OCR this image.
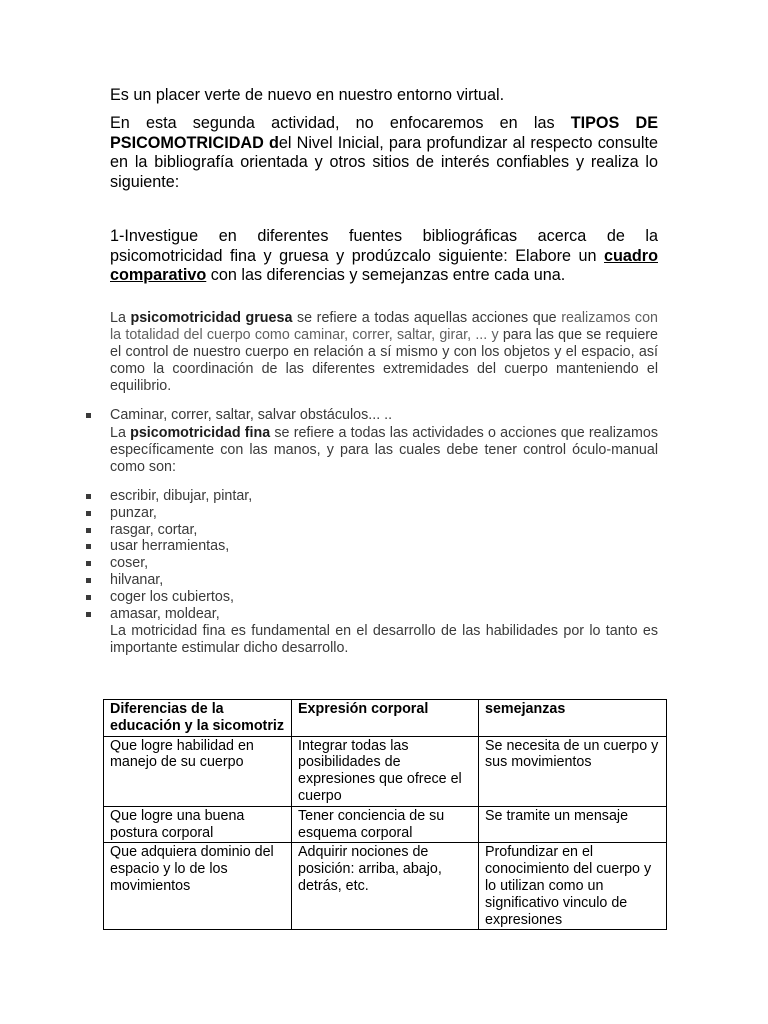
Es un placer verte de nuevo en nuestro entorno virtual.

En esta segunda actividad, no enfocaremos en las TIPOS DE PSICOMOTRICIDAD del Nivel Inicial, para profundizar al respecto consulte en la bibliografía orientada y otros sitios de interés confiables y realiza lo siguiente:

1-Investigue en diferentes fuentes bibliográficas acerca de la psicomotricidad fina y gruesa y prodúzcalo siguiente: Elabore un cuadro comparativo con las diferencias y semejanzas entre cada una.

La psicomotricidad gruesa se refiere a todas aquellas acciones que realizamos con la totalidad del cuerpo como caminar, correr, saltar, girar, ... y para las que se requiere el control de nuestro cuerpo en relación a sí mismo y con los objetos y el espacio, así como la coordinación de las diferentes extremidades del cuerpo manteniendo el equilibrio.

Caminar, correr, saltar, salvar obstáculos... ..

La psicomotricidad fina se refiere a todas las actividades o acciones que realizamos específicamente con las manos, y para las cuales debe tener control óculo-manual como son:

escribir, dibujar, pintar,
punzar,
rasgar, cortar,
usar herramientas,
coser,
hilvanar,
coger los cubiertos,
amasar, moldear,

La motricidad fina es fundamental en el desarrollo de las habilidades por lo tanto es importante estimular dicho desarrollo.

Diferencias de la educación y la sicomotriz	Expresión corporal	semejanzas
Que logre habilidad en manejo de su cuerpo	Integrar todas las posibilidades de expresiones que ofrece el cuerpo	Se necesita de un cuerpo y sus movimientos
Que logre una buena postura corporal	Tener conciencia de su esquema corporal	Se tramite un mensaje
Que adquiera dominio del espacio y lo de los movimientos	Adquirir nociones de posición: arriba, abajo, detrás, etc.	Profundizar en el conocimiento del cuerpo y lo utilizan como un significativo vinculo de expresiones
